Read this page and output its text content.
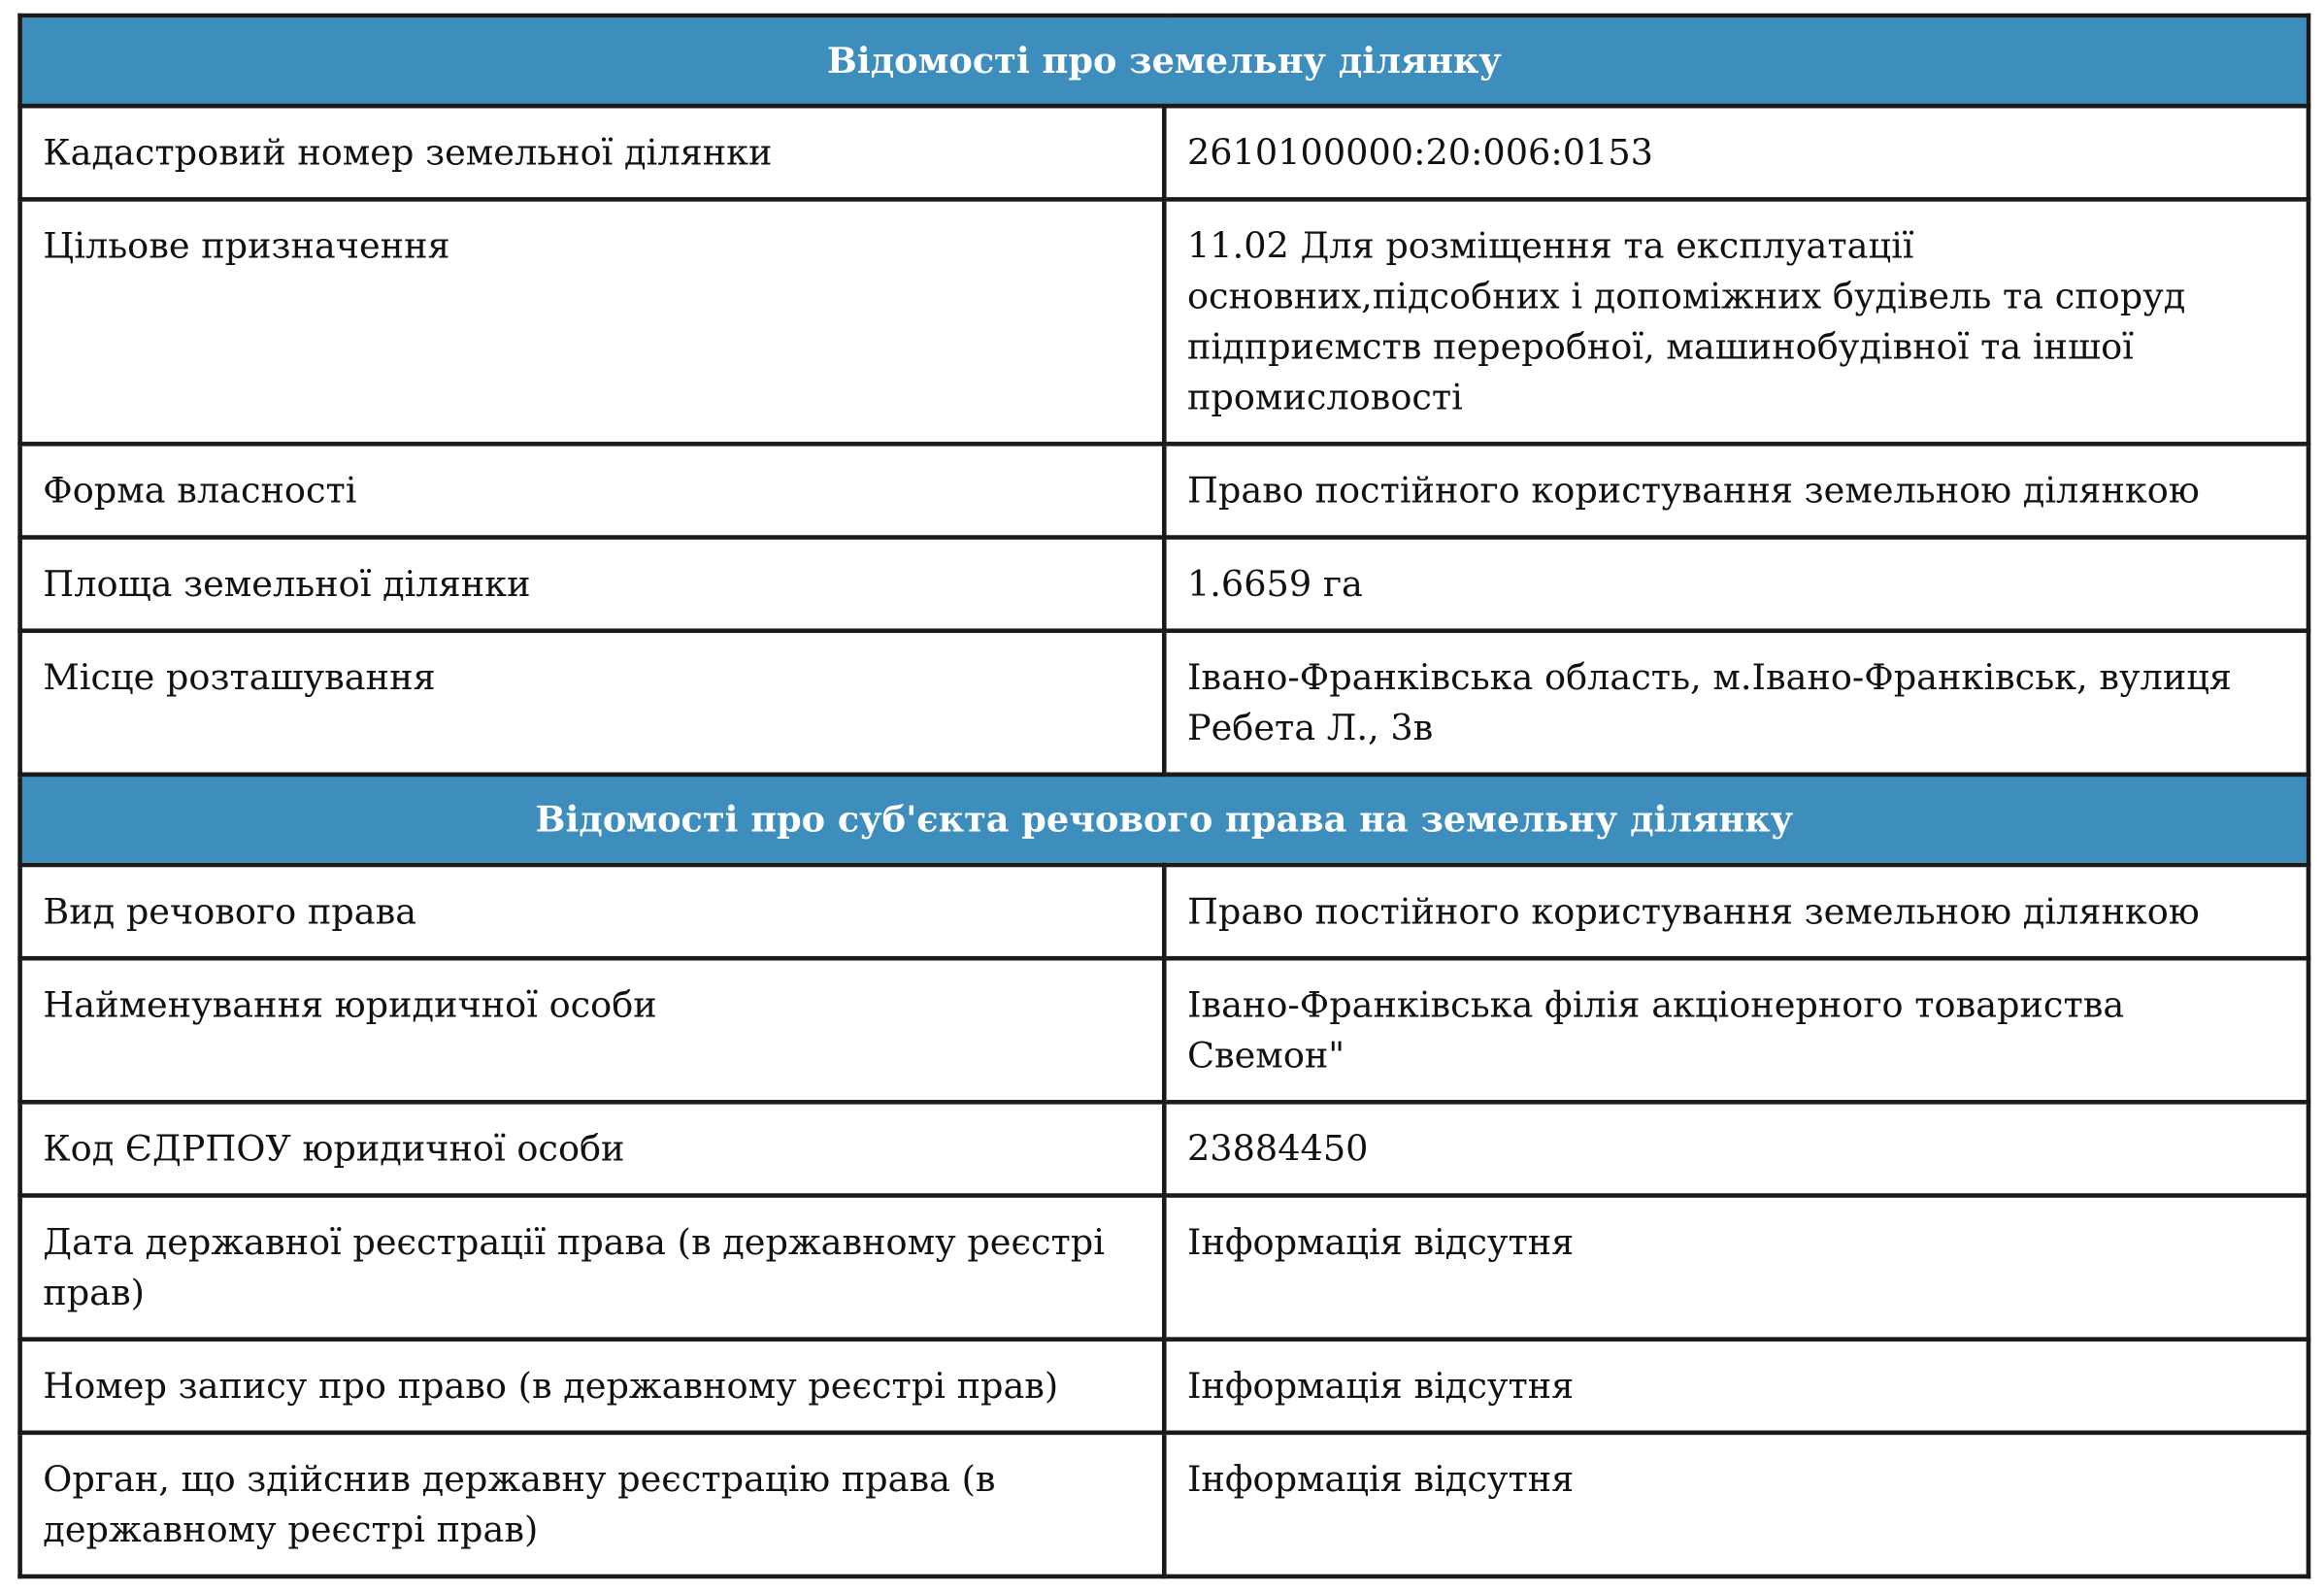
Відомості про земельну ділянку	
Кадастровий номер земельної ділянки	2610100000:20:006:0153
Цільове призначення	11.02 Для розміщення та експлуатації основних,підсобних і допоміжних будівель та споруд підприємств переробної, машинобудівної та іншої промисловості
Форма власності	Право постійного користування земельною ділянкою
Площа земельної ділянки	1.6659 га
Місце розташування	Івано-Франківська область, м.Івано-Франківськ, вулиця Ребета Л., 3в
Відомості про суб'єкта речового права на земельну ділянку	
Вид речового права	Право постійного користування земельною ділянкою
Найменування юридичної особи	Івано-Франківська філія акціонерного товариства Свемон"
Код ЄДРПОУ юридичної особи	23884450
Дата державної реєстрації права (в державному реєстрі прав)	Інформація відсутня
Номер запису про право (в державному реєстрі прав)	Інформація відсутня
Орган, що здійснив державну реєстрацію права (в державному реєстрі прав)	Інформація відсутня
